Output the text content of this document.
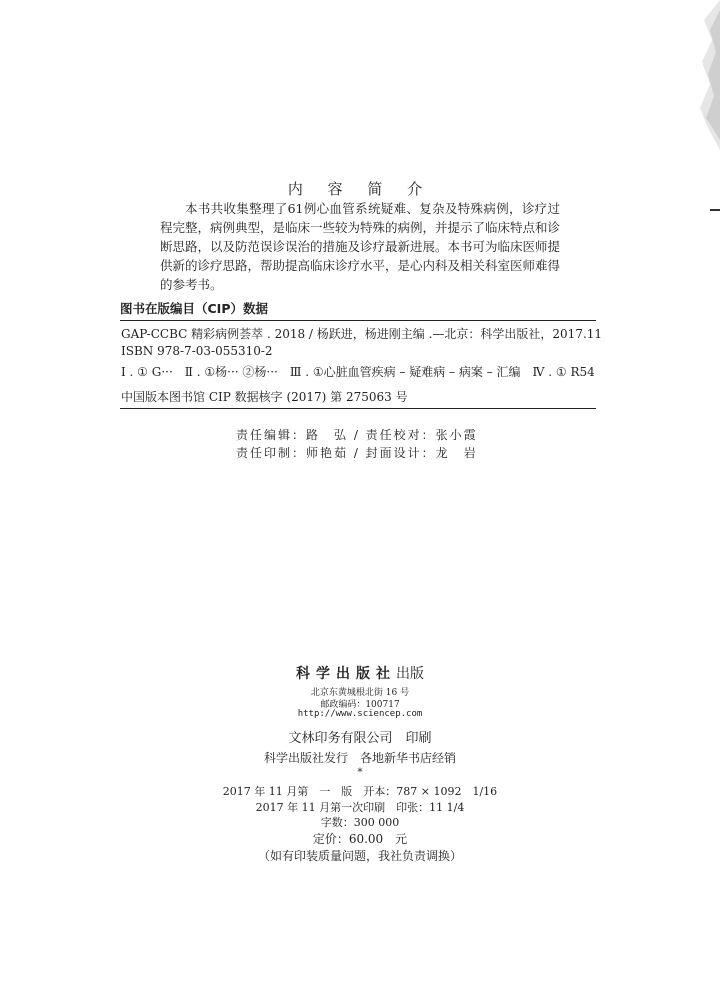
内 容 简 介

本书共收集整理了61例心血管系统疑难、复杂及特殊病例，诊疗过程完整，病例典型，是临床一些较为特殊的病例，并提示了临床特点和诊断思路，以及防范误诊误治的措施及诊疗最新进展。本书可为临床医师提供新的诊疗思路，帮助提高临床诊疗水平，是心内科及相关科室医师难得的参考书。

图书在版编目（CIP）数据
GAP-CCBC 精彩病例荟萃 . 2018 / 杨跃进，杨进刚主编 .—北京：科学出版社，2017.11
ISBN 978-7-03-055310-2
Ⅰ . ① G···　Ⅱ . ①杨··· ②杨···　Ⅲ . ①心脏血管疾病 – 疑难病 – 病案 – 汇编　Ⅳ . ① R54
中国版本图书馆 CIP 数据核字 (2017) 第 275063 号
责任编辑：路　弘 / 责任校对：张小霞
责任印制：师艳茹 / 封面设计：龙　岩
科学出版社出版
北京东黄城根北街 16 号
邮政编码：100717
http://www.sciencep.com
文林印务有限公司　印刷
科学出版社发行　各地新华书店经销
*
2017 年 11 月第　一　版　开本：787 × 1092　1/16
2017 年 11 月第一次印刷　印张：11 1/4
字数：300 000
定价：60.00　元
（如有印装质量问题，我社负责调换）
